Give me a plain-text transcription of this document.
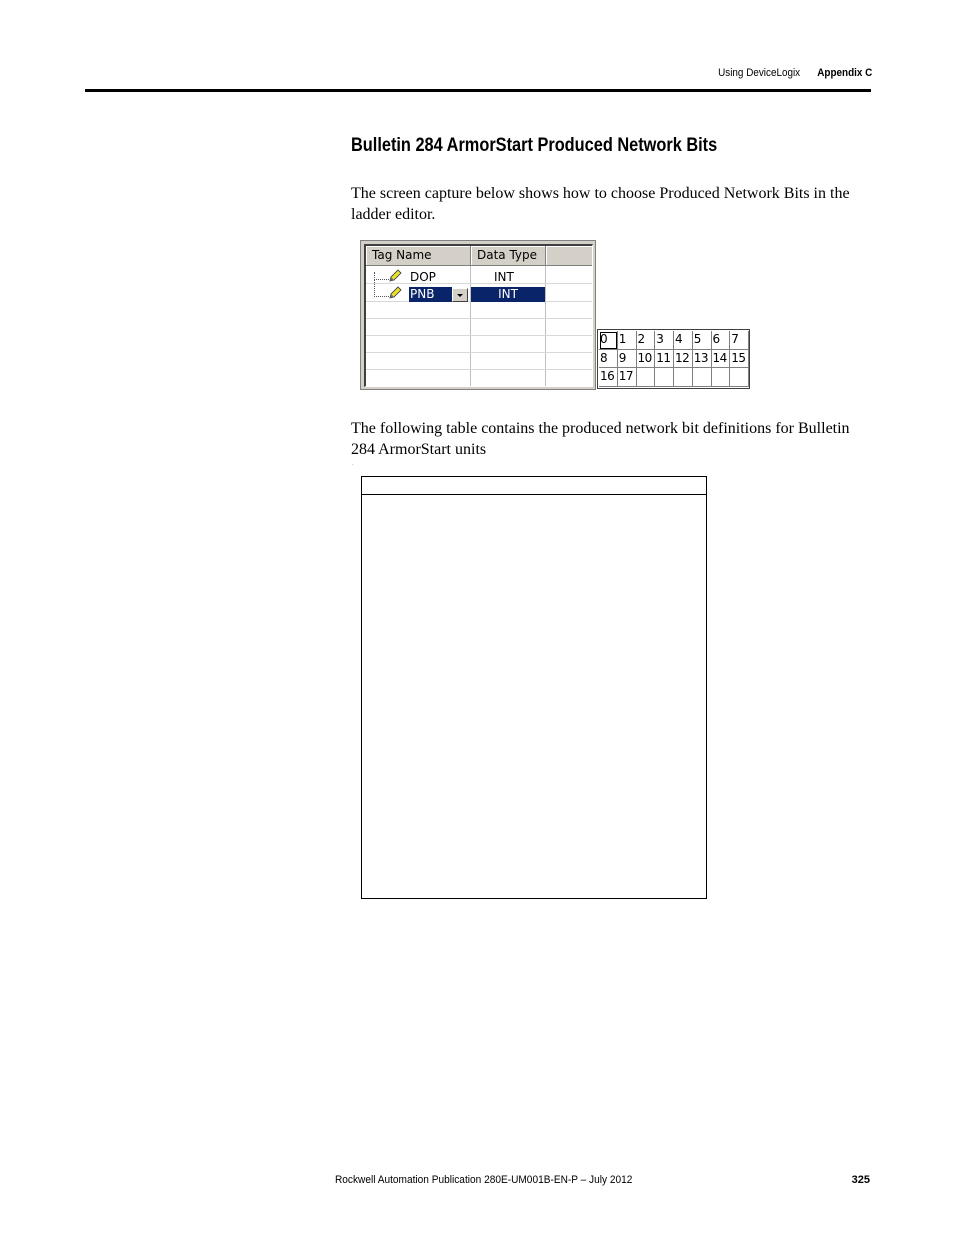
Using DeviceLogix Appendix C
Bulletin 284 ArmorStart Produced Network Bits
The screen capture below shows how to choose Produced Network Bits in the ladder editor.
Tag Name	Data Type
DOP	INT
PNB	INT
0 1 2 3 4 5 6 7
8 9 10 11 12 13 14 15
16 17
The following table contains the produced network bit definitions for Bulletin 284 ArmorStart units
·
Rockwell Automation Publication 280E-UM001B-EN-P – July 2012	325
